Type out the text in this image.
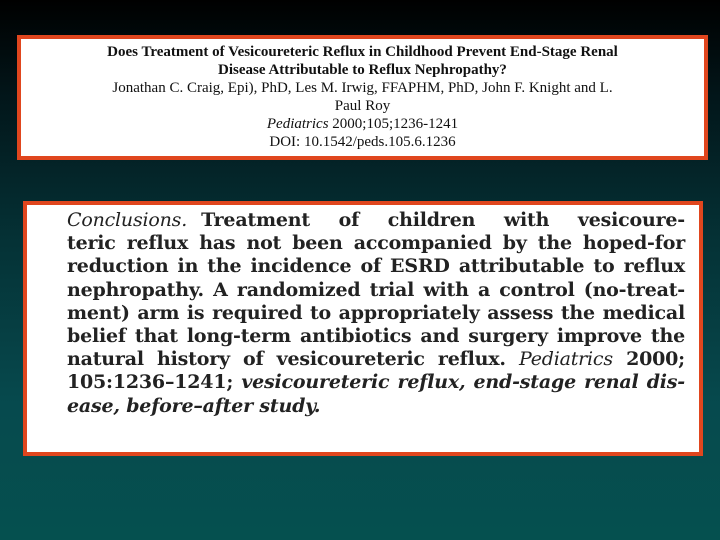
Does Treatment of Vesicoureteric Reflux in Childhood Prevent End-Stage Renal
Disease Attributable to Reflux Nephropathy?
Jonathan C. Craig, Epi), PhD, Les M. Irwig, FFAPHM, PhD, John F. Knight and L.
Paul Roy
Pediatrics 2000;105;1236-1241
DOI: 10.1542/peds.105.6.1236
Conclusions. Treatment of children with vesicoure-
teric reflux has not been accompanied by the hoped-for
reduction in the incidence of ESRD attributable to reflux
nephropathy. A randomized trial with a control (no-treat-
ment) arm is required to appropriately assess the medical
belief that long-term antibiotics and surgery improve the
natural history of vesicoureteric reflux. Pediatrics 2000;
105:1236–1241; vesicoureteric reflux, end-stage renal dis-
ease, before–after study.
